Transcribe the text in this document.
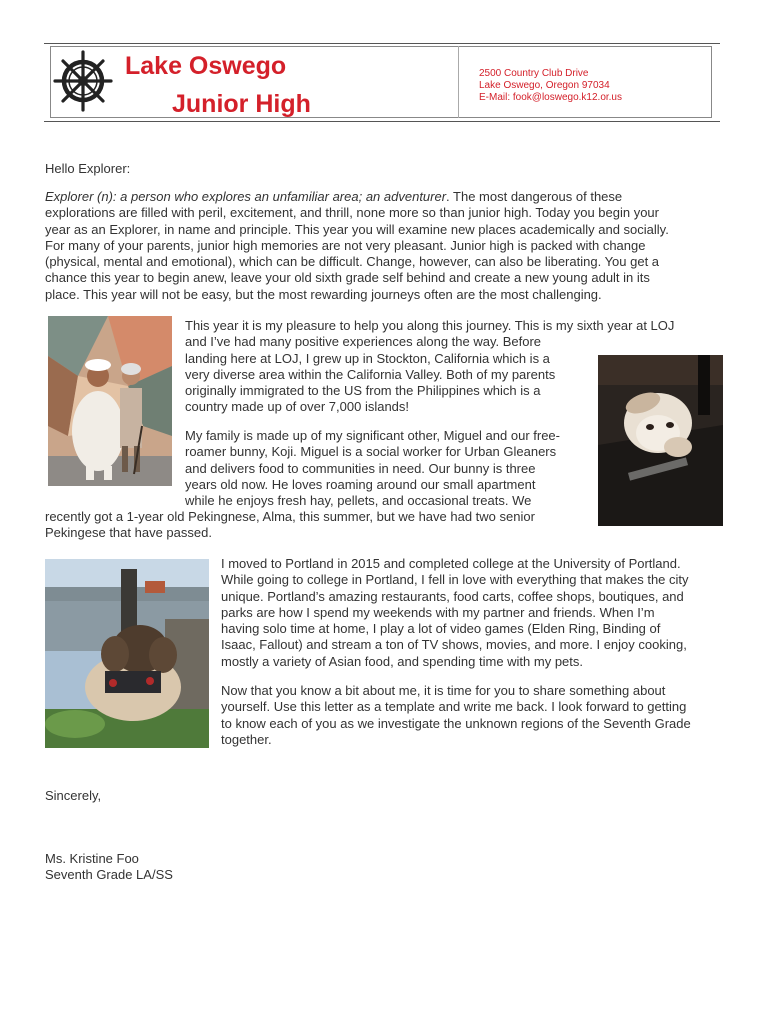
Lake Oswego
Junior High
2500 Country Club Drive
Lake Oswego, Oregon 97034
E-Mail: fook@loswego.k12.or.us
Hello Explorer:
Explorer (n): a person who explores an unfamiliar area; an adventurer. The most dangerous of these
explorations are filled with peril, excitement, and thrill, none more so than junior high. Today you begin your
year as an Explorer, in name and principle. This year you will examine new places academically and socially.
For many of your parents, junior high memories are not very pleasant. Junior high is packed with change
(physical, mental and emotional), which can be difficult. Change, however, can also be liberating. You get a
chance this year to begin anew, leave your old sixth grade self behind and create a new young adult in its
place. This year will not be easy, but the most rewarding journeys often are the most challenging.
This year it is my pleasure to help you along this journey. This is my sixth year at LOJ
and I’ve had many positive experiences along the way. Before
landing here at LOJ, I grew up in Stockton, California which is a
very diverse area within the California Valley. Both of my parents
originally immigrated to the US from the Philippines which is a
country made up of over 7,000 islands!
My family is made up of my significant other, Miguel and our free-
roamer bunny, Koji. Miguel is a social worker for Urban Gleaners
and delivers food to communities in need. Our bunny is three
years old now. He loves roaming around our small apartment
while he enjoys fresh hay, pellets, and occasional treats. We
recently got a 1-year old Pekingnese, Alma, this summer, but we have had two senior
Pekingese that have passed.
I moved to Portland in 2015 and completed college at the University of Portland.
While going to college in Portland, I fell in love with everything that makes the city
unique. Portland’s amazing restaurants, food carts, coffee shops, boutiques, and
parks are how I spend my weekends with my partner and friends. When I’m
having solo time at home, I play a lot of video games (Elden Ring, Binding of
Isaac, Fallout) and stream a ton of TV shows, movies, and more. I enjoy cooking,
mostly a variety of Asian food, and spending time with my pets.
Now that you know a bit about me, it is time for you to share something about
yourself. Use this letter as a template and write me back. I look forward to getting
to know each of you as we investigate the unknown regions of the Seventh Grade
together.
Sincerely,
Ms. Kristine Foo
Seventh Grade LA/SS
